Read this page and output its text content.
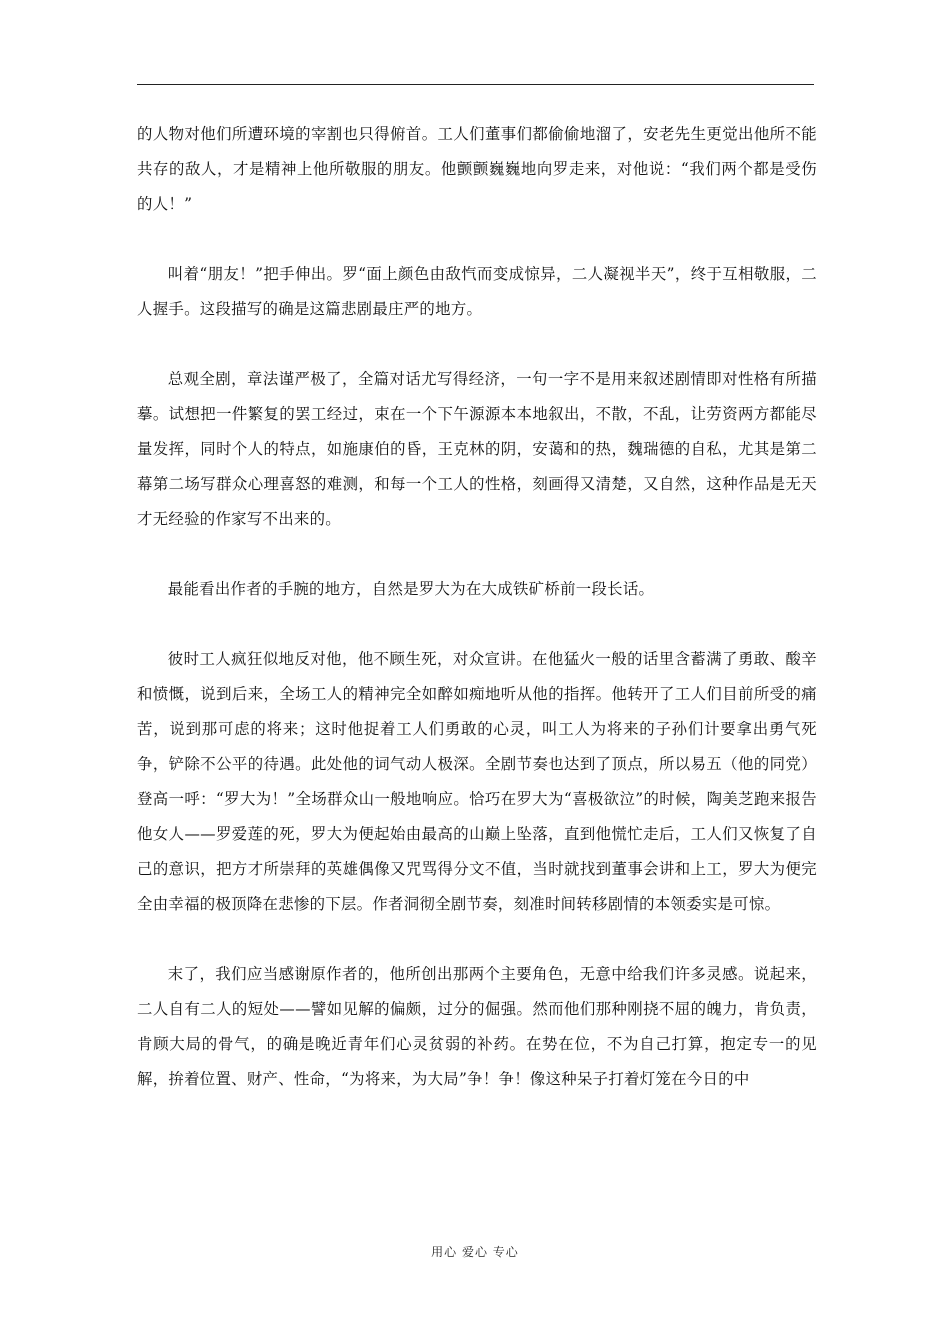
的人物对他们所遭环境的宰割也只得俯首。工人们董事们都偷偷地溜了，安老先生更觉出他所不能共存的敌人，才是精神上他所敬服的朋友。他颤颤巍巍地向罗走来，对他说：“我们两个都是受伤的人！”

叫着“朋友！”把手伸出。罗“面上颜色由敌忾而变成惊异，二人凝视半天”，终于互相敬服，二人握手。这段描写的确是这篇悲剧最庄严的地方。

总观全剧，章法谨严极了，全篇对话尤写得经济，一句一字不是用来叙述剧情即对性格有所描摹。试想把一件繁复的罢工经过，束在一个下午源源本本地叙出，不散，不乱，让劳资两方都能尽量发挥，同时个人的特点，如施康伯的昏，王克林的阴，安蔼和的热，魏瑞德的自私，尤其是第二幕第二场写群众心理喜怒的难测，和每一个工人的性格，刻画得又清楚，又自然，这种作品是无天才无经验的作家写不出来的。

最能看出作者的手腕的地方，自然是罗大为在大成铁矿桥前一段长话。

彼时工人疯狂似地反对他，他不顾生死，对众宣讲。在他猛火一般的话里含蓄满了勇敢、酸辛和愤慨，说到后来，全场工人的精神完全如醉如痴地听从他的指挥。他转开了工人们目前所受的痛苦，说到那可虑的将来；这时他捉着工人们勇敢的心灵，叫工人为将来的子孙们计要拿出勇气死争，铲除不公平的待遇。此处他的词气动人极深。全剧节奏也达到了顶点，所以易五（他的同党）登高一呼：“罗大为！”全场群众山一般地响应。恰巧在罗大为“喜极欲泣”的时候，陶美芝跑来报告他女人——罗爱莲的死，罗大为便起始由最高的山巅上坠落，直到他慌忙走后，工人们又恢复了自己的意识，把方才所崇拜的英雄偶像又咒骂得分文不值，当时就找到董事会讲和上工，罗大为便完全由幸福的极顶降在悲惨的下层。作者洞彻全剧节奏，刻准时间转移剧情的本领委实是可惊。

末了，我们应当感谢原作者的，他所创出那两个主要角色，无意中给我们许多灵感。说起来，二人自有二人的短处——譬如见解的偏颇，过分的倔强。然而他们那种刚挠不屈的魄力，肯负责，肯顾大局的骨气，的确是晚近青年们心灵贫弱的补药。在势在位，不为自己打算，抱定专一的见解，拚着位置、财产、性命，“为将来，为大局”争！争！像这种呆子打着灯笼在今日的中

用心 爱心 专心
